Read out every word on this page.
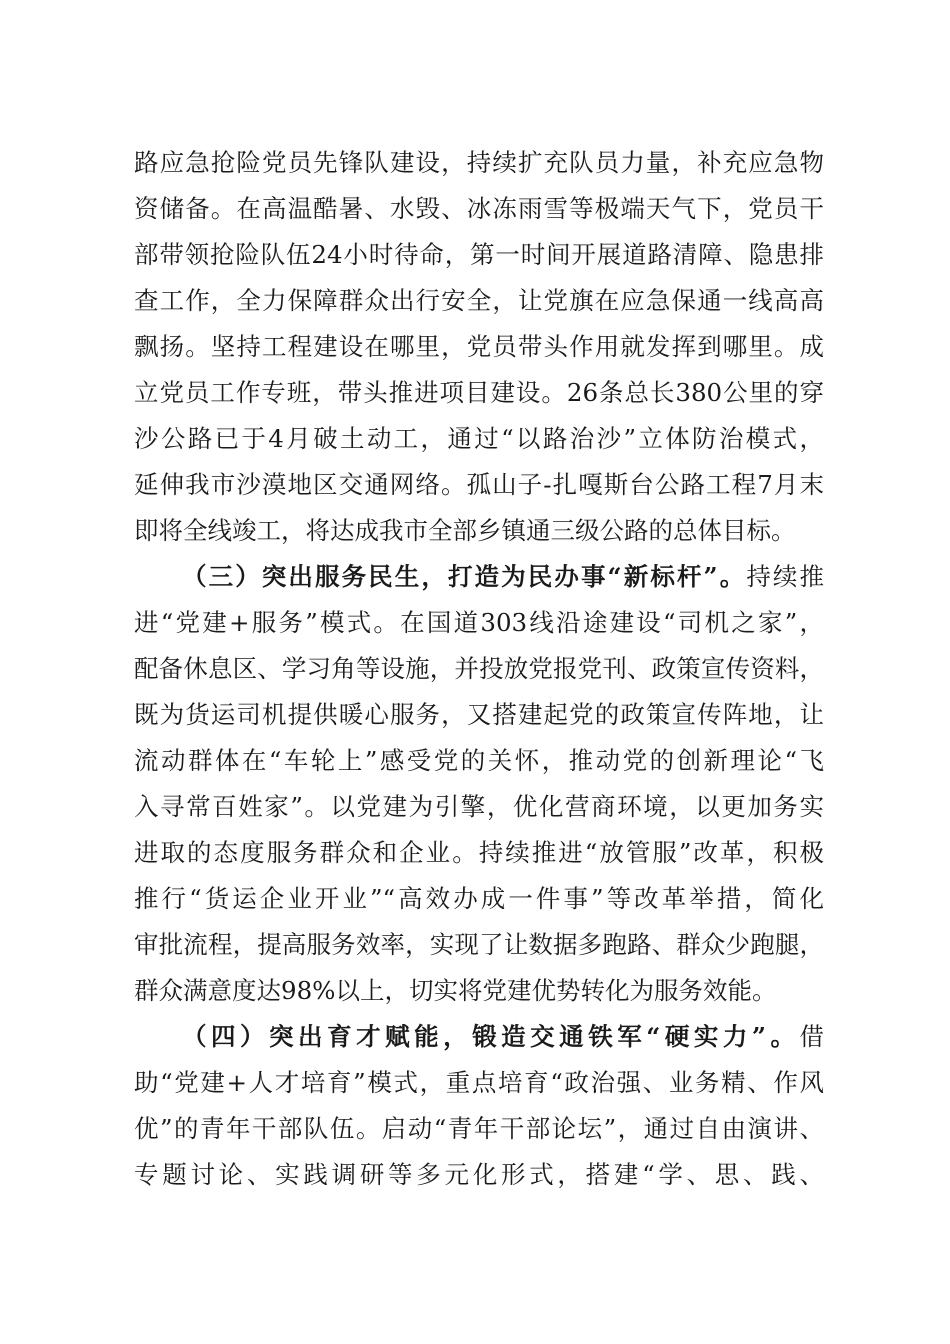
路应急抢险党员先锋队建设，持续扩充队员力量，补充应急物
资储备。在高温酷暑、水毁、冰冻雨雪等极端天气下，党员干
部带领抢险队伍24小时待命，第一时间开展道路清障、隐患排
查工作，全力保障群众出行安全，让党旗在应急保通一线高高
飘扬。坚持工程建设在哪里，党员带头作用就发挥到哪里。成
立党员工作专班，带头推进项目建设。26条总长380公里的穿
沙公路已于4月破土动工，通过“以路治沙”立体防治模式，
延伸我市沙漠地区交通网络。孤山子-扎嘎斯台公路工程7月末
即将全线竣工，将达成我市全部乡镇通三级公路的总体目标。
（三）突出服务民生，打造为民办事“新标杆”。持续推
进“党建+服务”模式。在国道303线沿途建设“司机之家”，
配备休息区、学习角等设施，并投放党报党刊、政策宣传资料，
既为货运司机提供暖心服务，又搭建起党的政策宣传阵地，让
流动群体在“车轮上”感受党的关怀，推动党的创新理论“飞
入寻常百姓家”。以党建为引擎，优化营商环境，以更加务实
进取的态度服务群众和企业。持续推进“放管服”改革，积极
推行“货运企业开业”“高效办成一件事”等改革举措，简化
审批流程，提高服务效率，实现了让数据多跑路、群众少跑腿，
群众满意度达98%以上，切实将党建优势转化为服务效能。
（四）突出育才赋能，锻造交通铁军“硬实力”。借
助“党建+人才培育”模式，重点培育“政治强、业务精、作风
优”的青年干部队伍。启动“青年干部论坛”，通过自由演讲、
专题讨论、实践调研等多元化形式，搭建“学、思、践、
